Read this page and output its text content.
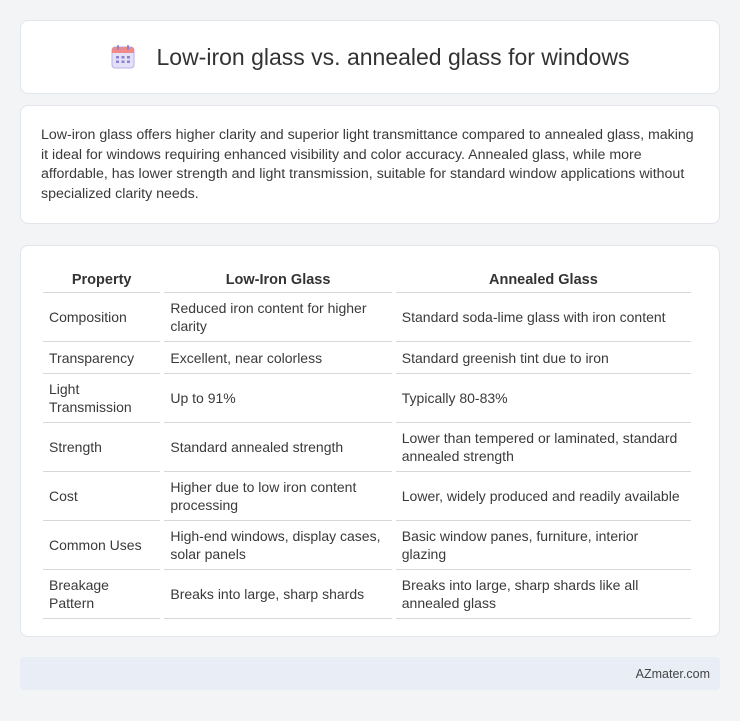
Low-iron glass vs. annealed glass for windows

Low-iron glass offers higher clarity and superior light transmittance compared to annealed glass, making it ideal for windows requiring enhanced visibility and color accuracy. Annealed glass, while more affordable, has lower strength and light transmission, suitable for standard window applications without specialized clarity needs.

Property	Low-Iron Glass	Annealed Glass
Composition	Reduced iron content for higher clarity	Standard soda-lime glass with iron content
Transparency	Excellent, near colorless	Standard greenish tint due to iron
Light Transmission	Up to 91%	Typically 80-83%
Strength	Standard annealed strength	Lower than tempered or laminated, standard annealed strength
Cost	Higher due to low iron content processing	Lower, widely produced and readily available
Common Uses	High-end windows, display cases, solar panels	Basic window panes, furniture, interior glazing
Breakage Pattern	Breaks into large, sharp shards	Breaks into large, sharp shards like all annealed glass
AZmater.com
